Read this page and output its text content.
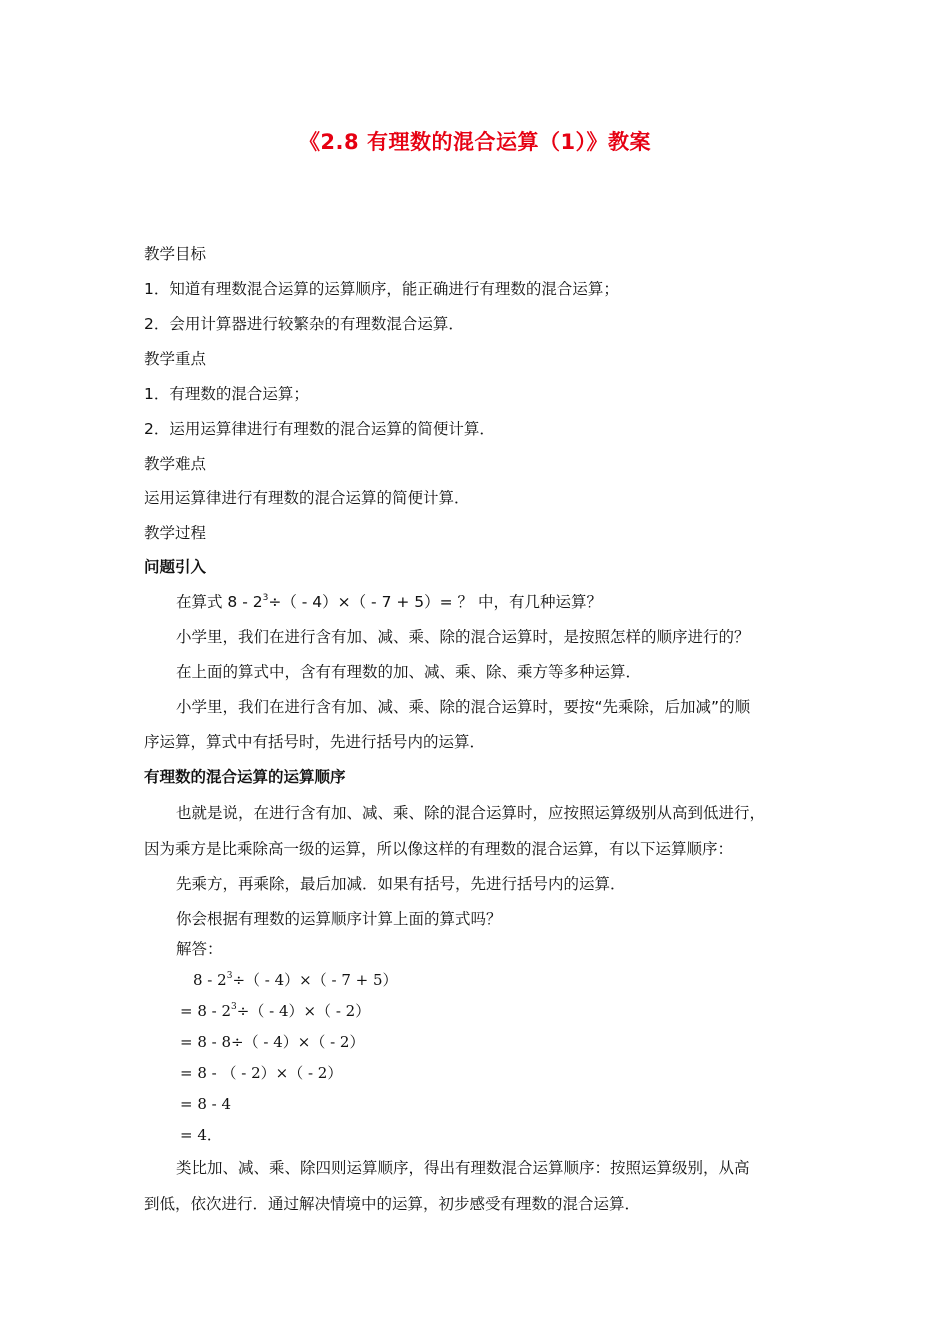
《2.8 有理数的混合运算（1）》教案
教学目标
1．知道有理数混合运算的运算顺序，能正确进行有理数的混合运算；
2．会用计算器进行较繁杂的有理数混合运算．
教学重点
1．有理数的混合运算；
2．运用运算律进行有理数的混合运算的简便计算．
教学难点
运用运算律进行有理数的混合运算的简便计算．
教学过程
问题引入
在算式 $8 - 2^3\div( - 4)\times( - 7 + 5)=$ ？ 中，有几种运算？
小学里，我们在进行含有加、减、乘、除的混合运算时，是按照怎样的顺序进行的？
在上面的算式中，含有有理数的加、减、乘、除、乘方等多种运算．
小学里，我们在进行含有加、减、乘、除的混合运算时，要按“先乘除，后加减”的顺
序运算，算式中有括号时，先进行括号内的运算．
有理数的混合运算的运算顺序
也就是说，在进行含有加、减、乘、除的混合运算时，应按照运算级别从高到低进行，
因为乘方是比乘除高一级的运算，所以像这样的有理数的混合运算，有以下运算顺序：
先乘方，再乘除，最后加减．如果有括号，先进行括号内的运算．
你会根据有理数的运算顺序计算上面的算式吗？
解答：
$8 - 2^3\div( - 4)\times( - 7 + 5)$
= $8 - 2^3\div( - 4)\times( - 2)$
= 8 - 8÷（ - 4）×（ - 2）
= 8 - （ - 2）×（ - 2）
= 8 - 4
= 4．
类比加、减、乘、除四则运算顺序，得出有理数混合运算顺序：按照运算级别，从高
到低，依次进行．通过解决情境中的运算，初步感受有理数的混合运算．
